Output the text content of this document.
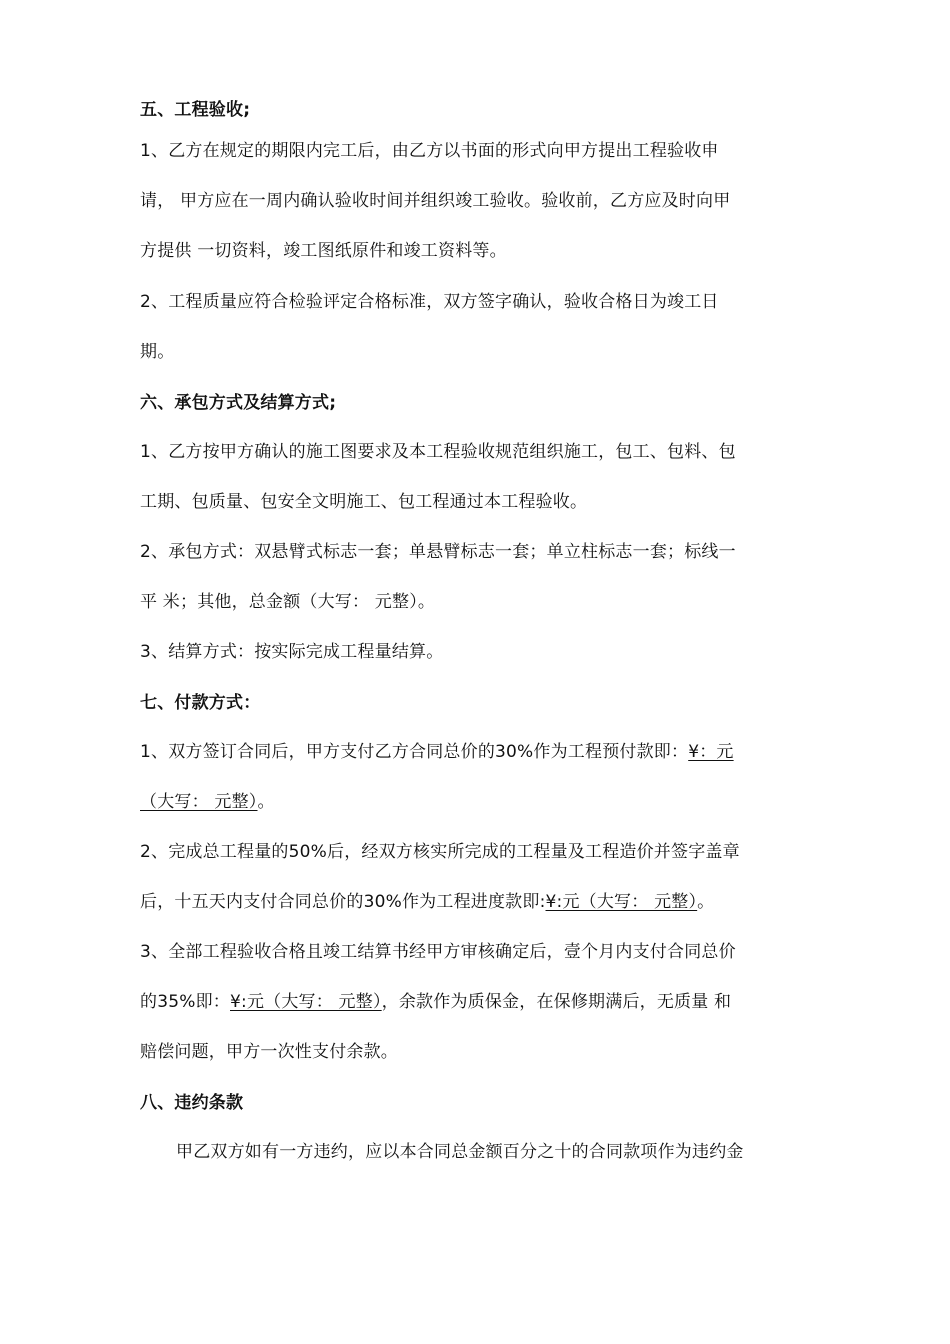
五、工程验收;
1、乙方在规定的期限内完工后，由乙方以书面的形式向甲方提出工程验收申
请， 甲方应在一周内确认验收时间并组织竣工验收。验收前，乙方应及时向甲
方提供 一切资料，竣工图纸原件和竣工资料等。
2、工程质量应符合检验评定合格标准，双方签字确认，验收合格日为竣工日
期。
六、承包方式及结算方式;
1、乙方按甲方确认的施工图要求及本工程验收规范组织施工，包工、包料、包
工期、包质量、包安全文明施工、包工程通过本工程验收。
2、承包方式：双悬臂式标志一套；单悬臂标志一套；单立柱标志一套；标线一
平 米；其他，总金额（大写： 元整）。
3、结算方式：按实际完成工程量结算。
七、付款方式：
1、双方签订合同后，甲方支付乙方合同总价的30%作为工程预付款即：¥：元
（大写： 元整）。
2、完成总工程量的50%后，经双方核实所完成的工程量及工程造价并签字盖章
后，十五天内支付合同总价的30%作为工程进度款即:¥:元（大写： 元整）。
3、全部工程验收合格且竣工结算书经甲方审核确定后，壹个月内支付合同总价
的35%即：¥:元（大写： 元整），余款作为质保金，在保修期满后，无质量 和
赔偿问题，甲方一次性支付余款。
八、违约条款
甲乙双方如有一方违约，应以本合同总金额百分之十的合同款项作为违约金
